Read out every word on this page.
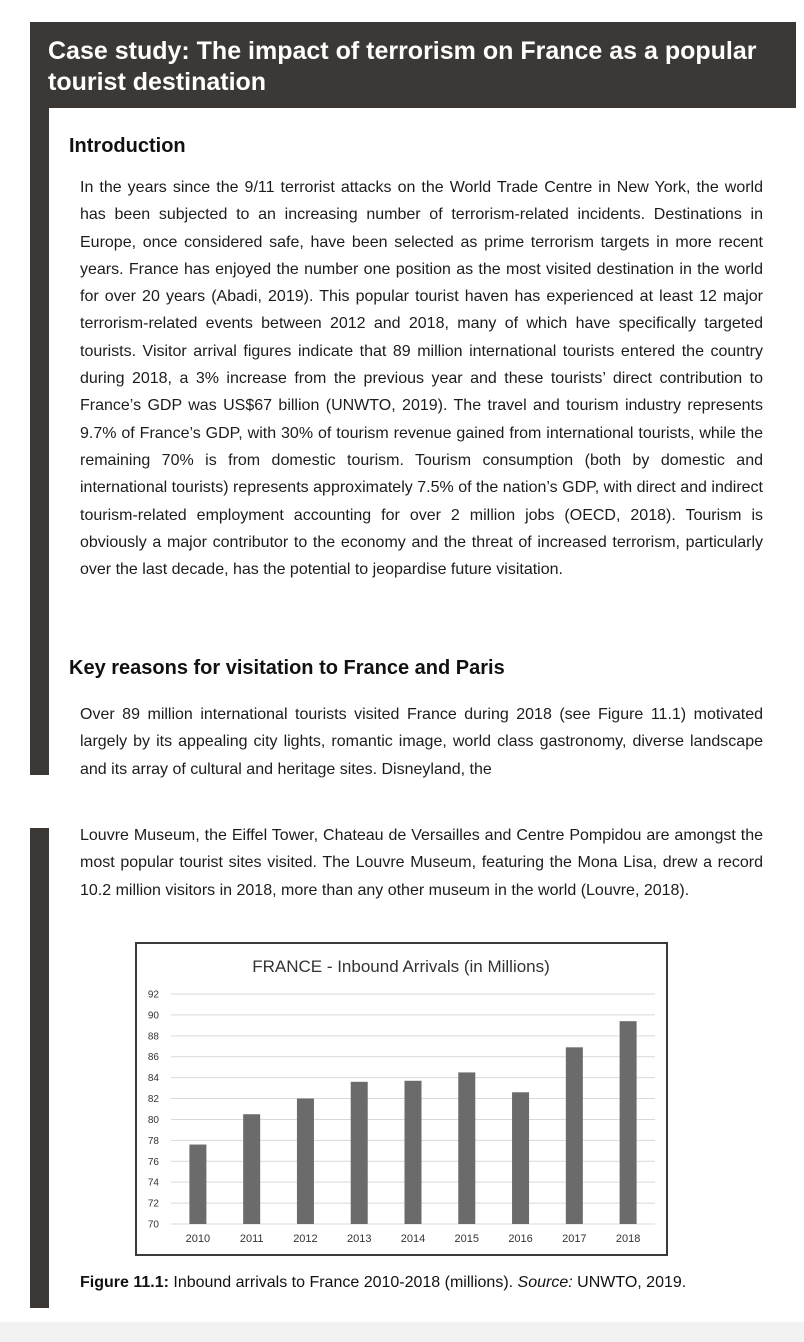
Case study: The impact of terrorism on France as a popular tourist destination
Introduction

In the years since the 9/11 terrorist attacks on the World Trade Centre in New York, the world has been subjected to an increasing number of terrorism-related incidents. Destinations in Europe, once considered safe, have been selected as prime terrorism targets in more recent years. France has enjoyed the number one position as the most visited destination in the world for over 20 years (Abadi, 2019). This popular tourist haven has experienced at least 12 major terrorism-related events between 2012 and 2018, many of which have specifically targeted tourists. Visitor arrival figures indicate that 89 million international tourists entered the country during 2018, a 3% increase from the previous year and these tourists’ direct contribution to France’s GDP was US$67 billion (UNWTO, 2019). The travel and tourism industry represents 9.7% of France’s GDP, with 30% of tourism revenue gained from international tourists, while the remaining 70% is from domestic tourism. Tourism consumption (both by domestic and international tourists) represents approximately 7.5% of the nation’s GDP, with direct and indirect tourism-related employment accounting for over 2 million jobs (OECD, 2018). Tourism is obviously a major contributor to the economy and the threat of increased terrorism, particularly over the last decade, has the potential to jeopardise future visitation.

Key reasons for visitation to France and Paris

Over 89 million international tourists visited France during 2018 (see Figure 11.1) motivated largely by its appealing city lights, romantic image, world class gastronomy, diverse landscape and its array of cultural and heritage sites. Disneyland, the

Louvre Museum, the Eiffel Tower, Chateau de Versailles and Centre Pompidou are amongst the most popular tourist sites visited. The Louvre Museum, featuring the Mona Lisa, drew a record 10.2 million visitors in 2018, more than any other museum in the world (Louvre, 2018).

FRANCE - Inbound Arrivals (in Millions)
70
72
74
76
78
80
82
84
86
88
90
92
2010	2011	2012	2013	2014	2015	2016	2017	2018

Figure 11.1: Inbound arrivals to France 2010-2018 (millions). Source: UNWTO, 2019.
